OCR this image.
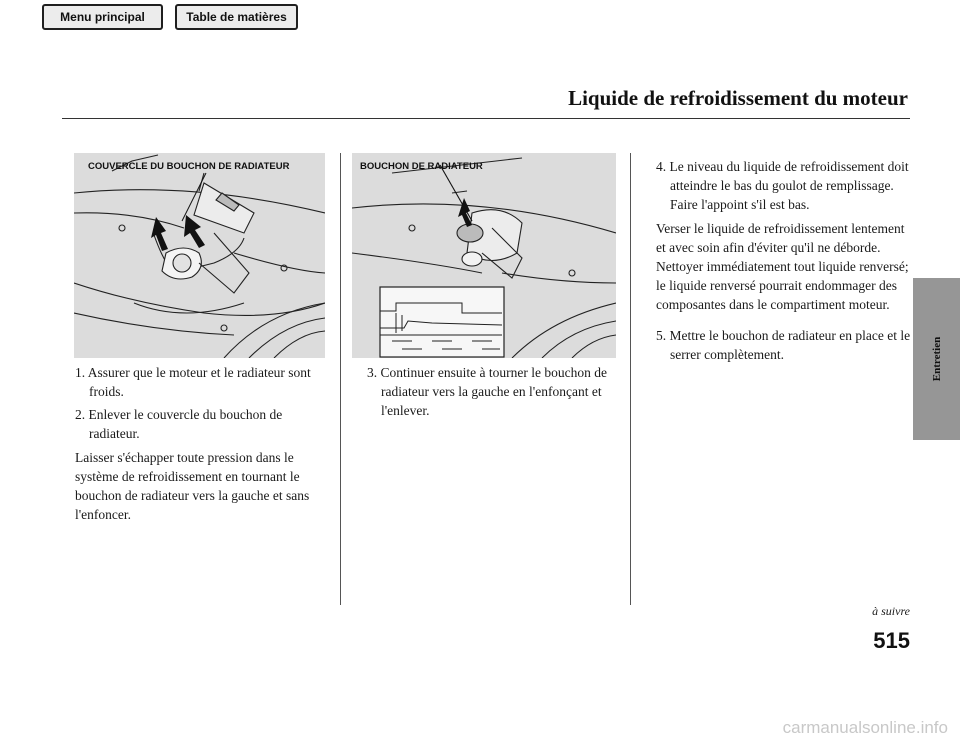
Menu principal	Table de matières
Liquide de refroidissement du moteur
COUVERCLE DU BOUCHON DE RADIATEUR	BOUCHON DE RADIATEUR

1. Assurer que le moteur et le radiateur sont froids.

2. Enlever le couvercle du bouchon de radiateur.

Laisser s'échapper toute pression dans le système de refroidissement en tournant le bouchon de radiateur vers la gauche et sans l'enfoncer.

3. Continuer ensuite à tourner le bouchon de radiateur vers la gauche en l'enfonçant et l'enlever.

4. Le niveau du liquide de refroidissement doit atteindre le bas du goulot de remplissage. Faire l'appoint s'il est bas.

Verser le liquide de refroidissement lentement et avec soin afin d'éviter qu'il ne déborde. Nettoyer immédiatement tout liquide renversé; le liquide renversé pourrait endommager des composantes dans le compartiment moteur.

5. Mettre le bouchon de radiateur en place et le serrer complètement.	Entretien
à suivre
515
carmanualsonline.info
